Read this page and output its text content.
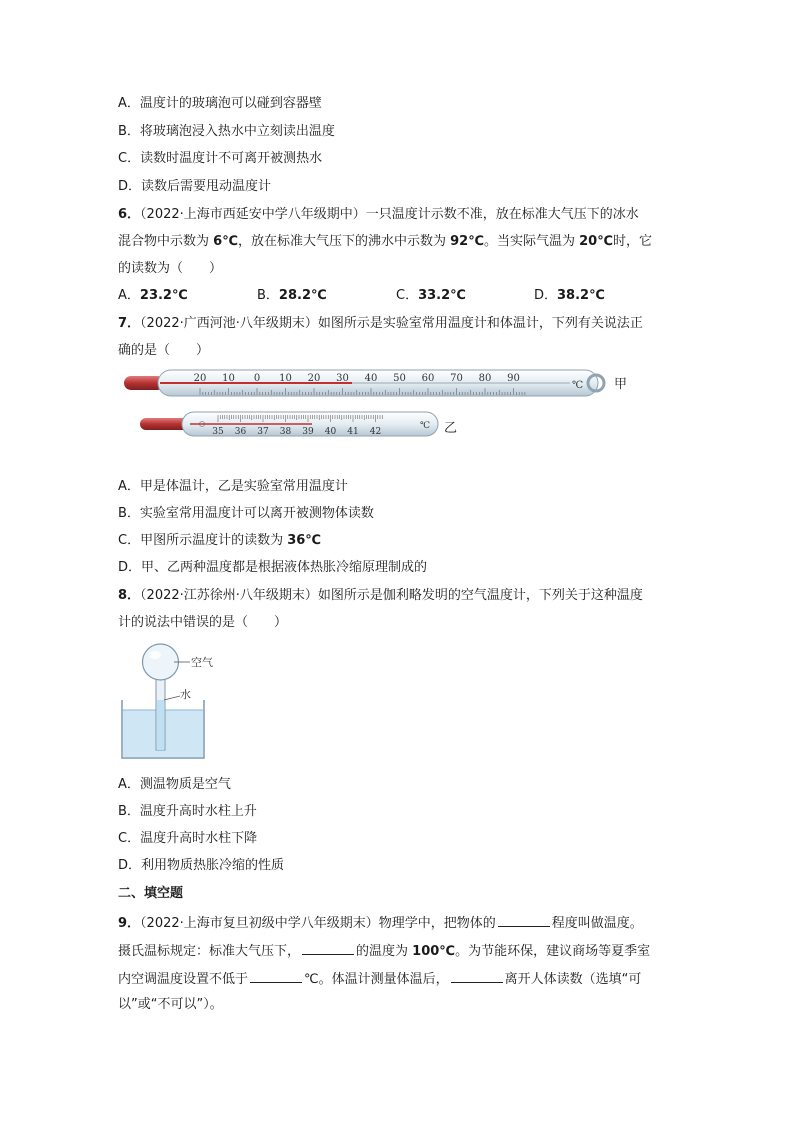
A．温度计的玻璃泡可以碰到容器壁
B．将玻璃泡浸入热水中立刻读出温度
C．读数时温度计不可离开被测热水
D．读数后需要甩动温度计
6．（2022·上海市西延安中学八年级期中）一只温度计示数不准，放在标准大气压下的冰水
混合物中示数为 6℃，放在标准大气压下的沸水中示数为 92℃。当实际气温为 20℃时，它
的读数为（　　）
A．23.2℃	B．28.2℃	C．33.2℃	D．38.2℃
7．（2022·广西河池·八年级期末）如图所示是实验室常用温度计和体温计，下列有关说法正
确的是（　　）
20 10 0 10 20 30 40 50 60 70 80 90
℃ 甲
35 36 37 38 39 40 41 42
℃ 乙
A．甲是体温计，乙是实验室常用温度计
B．实验室常用温度计可以离开被测物体读数
C．甲图所示温度计的读数为 36℃
D．甲、乙两种温度都是根据液体热胀冷缩原理制成的
8．（2022·江苏徐州·八年级期末）如图所示是伽利略发明的空气温度计，下列关于这种温度
计的说法中错误的是（　　）
空气
水
A．测温物质是空气
B．温度升高时水柱上升
C．温度升高时水柱下降
D．利用物质热胀冷缩的性质
二、填空题
9．（2022·上海市复旦初级中学八年级期末）物理学中，把物体的	程度叫做温度。
摄氏温标规定：标准大气压下，	的温度为 100℃。为节能环保，建议商场等夏季室
内空调温度设置不低于	℃。体温计测量体温后，	离开人体读数（选填“可
以”或“不可以”）。
